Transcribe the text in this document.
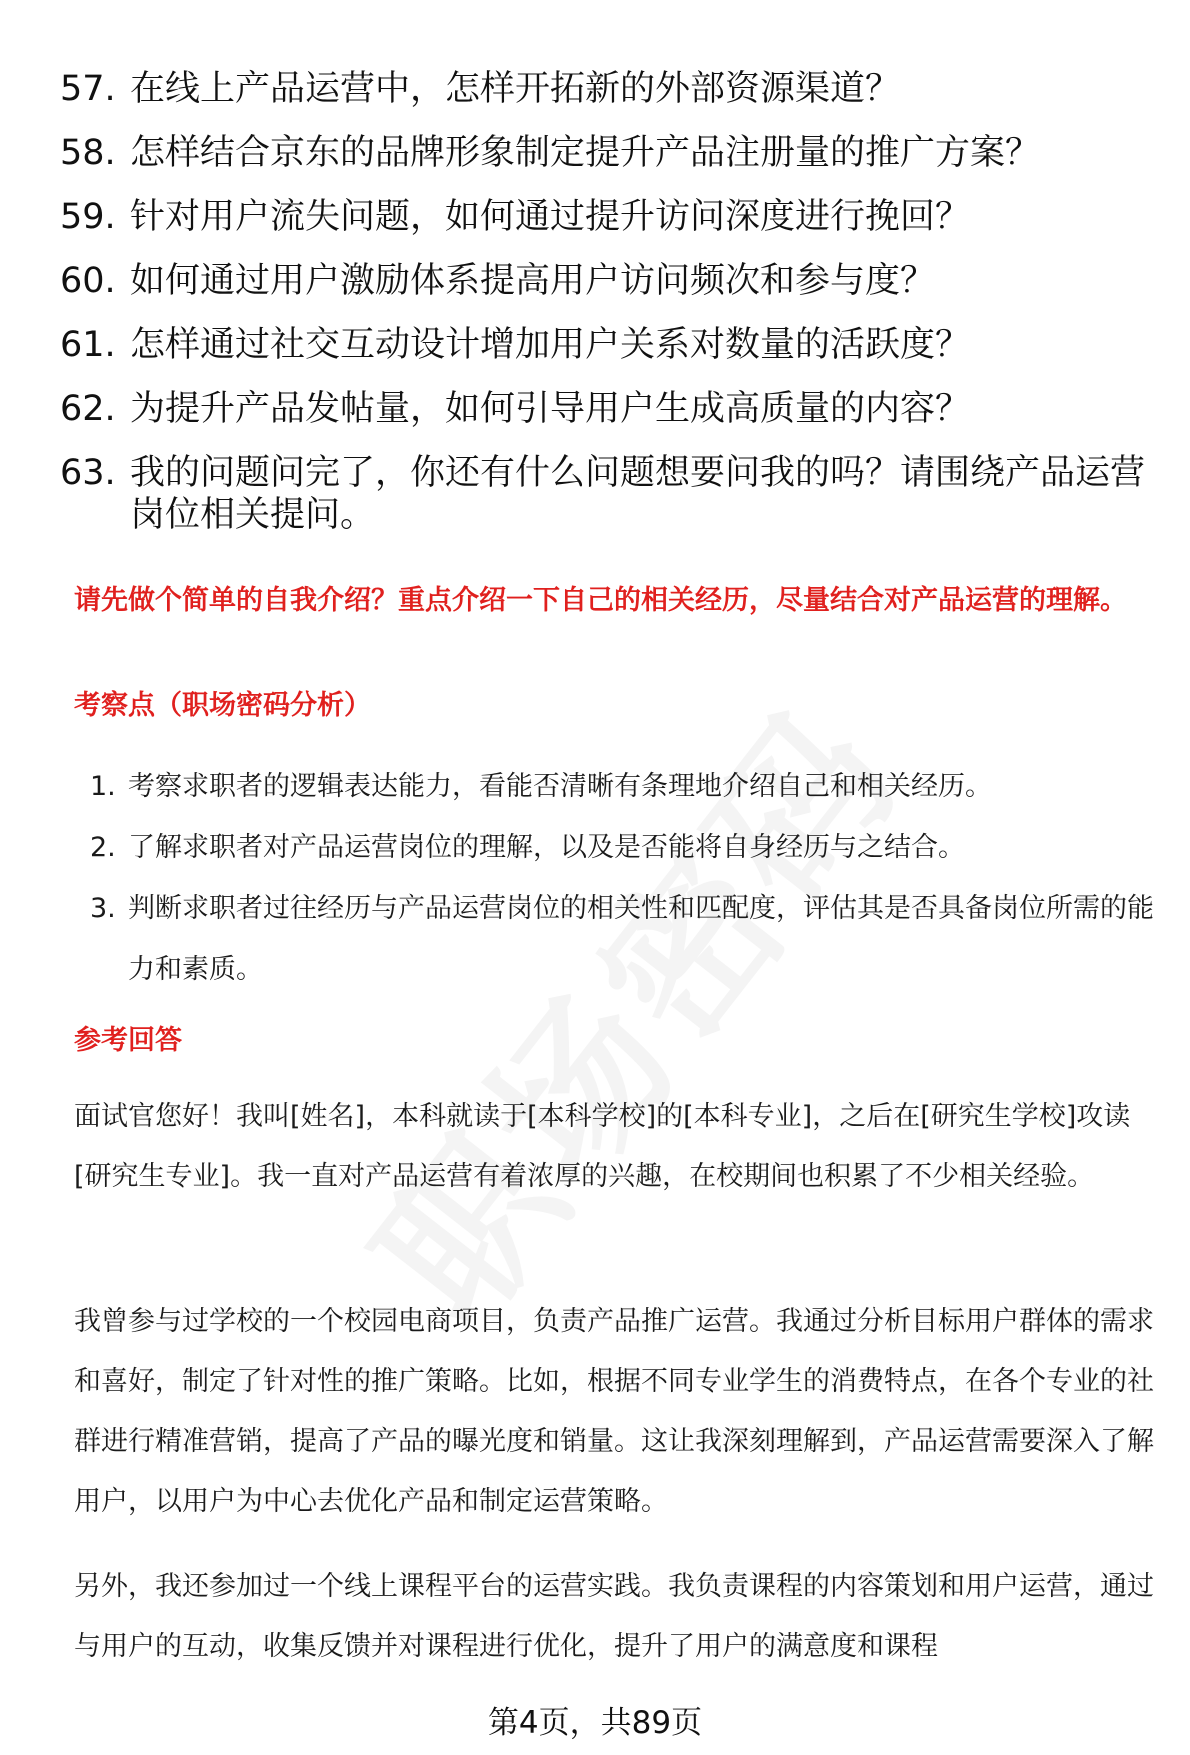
57. 在线上产品运营中，怎样开拓新的外部资源渠道？
58. 怎样结合京东的品牌形象制定提升产品注册量的推广方案？
59. 针对用户流失问题，如何通过提升访问深度进行挽回？
60. 如何通过用户激励体系提高用户访问频次和参与度？
61. 怎样通过社交互动设计增加用户关系对数量的活跃度？
62. 为提升产品发帖量，如何引导用户生成高质量的内容？
63. 我的问题问完了，你还有什么问题想要问我的吗？请围绕产品运营岗位相关提问。
请先做个简单的自我介绍？重点介绍一下自己的相关经历，尽量结合对产品运营的理解。
考察点（职场密码分析）
1. 考察求职者的逻辑表达能力，看能否清晰有条理地介绍自己和相关经历。
2. 了解求职者对产品运营岗位的理解，以及是否能将自身经历与之结合。
3. 判断求职者过往经历与产品运营岗位的相关性和匹配度，评估其是否具备岗位所需的能力和素质。
参考回答

面试官您好！我叫[姓名]，本科就读于[本科学校]的[本科专业]，之后在[研究生学校]攻读[研究生专业]。我一直对产品运营有着浓厚的兴趣，在校期间也积累了不少相关经验。

我曾参与过学校的一个校园电商项目，负责产品推广运营。我通过分析目标用户群体的需求和喜好，制定了针对性的推广策略。比如，根据不同专业学生的消费特点，在各个专业的社群进行精准营销，提高了产品的曝光度和销量。这让我深刻理解到，产品运营需要深入了解用户，以用户为中心去优化产品和制定运营策略。

另外，我还参加过一个线上课程平台的运营实践。我负责课程的内容策划和用户运营，通过与用户的互动，收集反馈并对课程进行优化，提升了用户的满意度和课程

第4页，共89页
